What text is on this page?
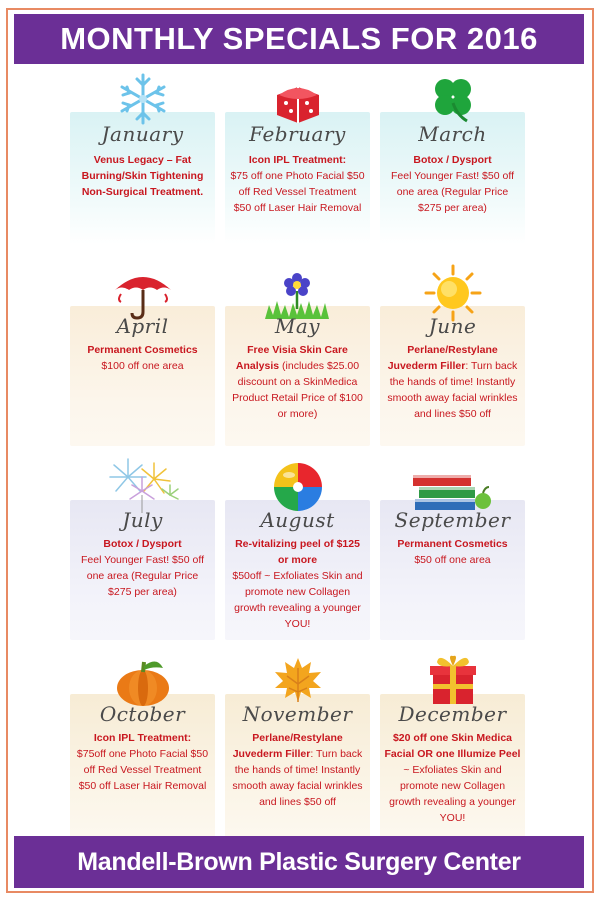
MONTHLY SPECIALS FOR 2016
January
Venus Legacy – Fat Burning/Skin Tightening Non-Surgical Treatment.
February
Icon IPL Treatment:
$75 off one Photo Facial $50 off Red Vessel Treatment $50 off Laser Hair Removal
March
Botox / Dysport
Feel Younger Fast! $50 off one area (Regular Price $275 per area)
April
Permanent Cosmetics
$100 off one area
May
Free Visia Skin Care Analysis (includes $25.00 discount on a SkinMedica Product Retail Price of $100 or more)
June
Perlane/Restylane Juvederm Filler: Turn back the hands of time! Instantly smooth away facial wrinkles and lines $50 off
July
Botox / Dysport
Feel Younger Fast! $50 off one area (Regular Price $275 per area)
August
Re-vitalizing peel of $125 or more
$50off ~ Exfoliates Skin and promote new Collagen growth revealing a younger YOU!
September
Permanent Cosmetics
$50 off one area
October
Icon IPL Treatment:
$75off one Photo Facial $50 off Red Vessel Treatment $50 off Laser Hair Removal
November
Perlane/Restylane Juvederm Filler: Turn back the hands of time! Instantly smooth away facial wrinkles and lines $50 off
December
$20 off one Skin Medica Facial OR one Illumize Peel ~ Exfoliates Skin and promote new Collagen growth revealing a younger YOU!
Mandell-Brown Plastic Surgery Center
